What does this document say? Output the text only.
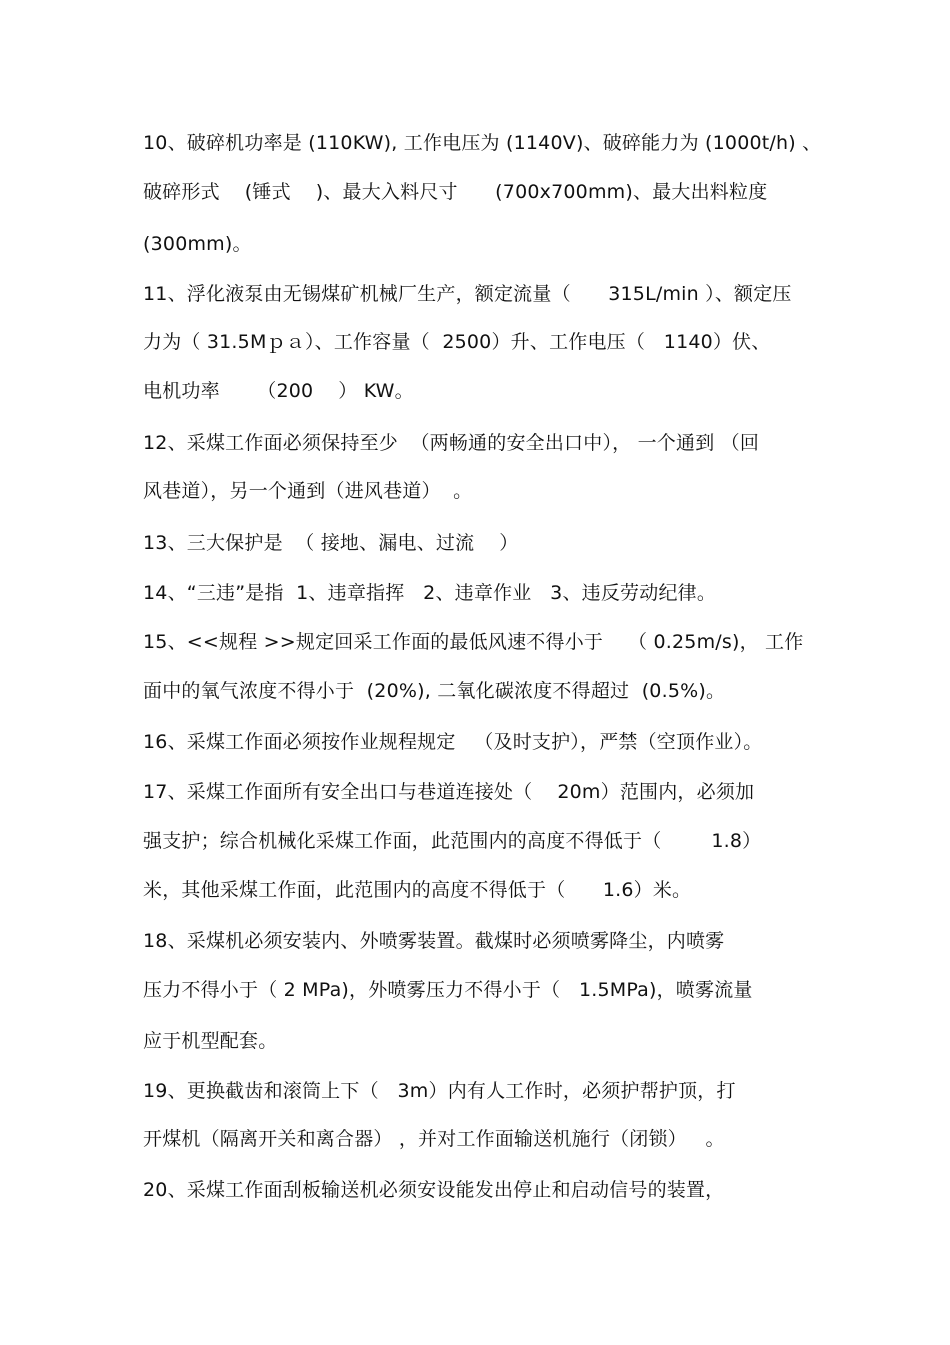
10、破碎机功率是 (110KW), 工作电压为 (1140V)、破碎能力为 (1000t/h) 、
破碎形式    (锤式    )、最大入料尺寸      (700x700mm)、最大出料粒度
(300mm)。
11、浮化液泵由无锡煤矿机械厂生产，额定流量（      315L/min ）、额定压
力为（ 31.5Mｐａ）、工作容量（  2500）升、工作电压（   1140）伏、
电机功率      （200    ） KW。
12、采煤工作面必须保持至少  （两畅通的安全出口中）， 一个通到 （回
风巷道），另一个通到（进风巷道）  。
13、三大保护是  （ 接地、漏电、过流    ）
14、“三违”是指  1、违章指挥   2、违章作业   3、违反劳动纪律。
15、<<规程 >>规定回采工作面的最低风速不得小于    （ 0.25m/s)， 工作
面中的氧气浓度不得小于  (20%), 二氧化碳浓度不得超过  (0.5%)。
16、采煤工作面必须按作业规程规定   （及时支护），严禁（空顶作业）。
17、采煤工作面所有安全出口与巷道连接处（    20m）范围内，必须加
强支护；综合机械化采煤工作面，此范围内的高度不得低于（        1.8）
米，其他采煤工作面，此范围内的高度不得低于（      1.6）米。
18、采煤机必须安装内、外喷雾装置。截煤时必须喷雾降尘，内喷雾
压力不得小于（ 2 MPa)，外喷雾压力不得小于（   1.5MPa)，喷雾流量
应于机型配套。
19、更换截齿和滚筒上下（   3m）内有人工作时，必须护帮护顶，打
开煤机（隔离开关和离合器） ，并对工作面输送机施行（闭锁）   。
20、采煤工作面刮板输送机必须安设能发出停止和启动信号的装置，
